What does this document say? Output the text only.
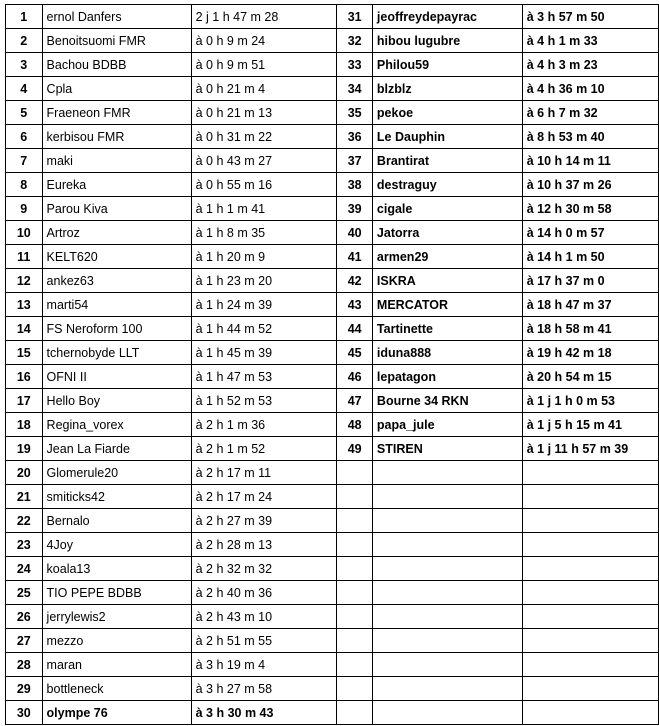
1	ernol Danfers	2 j 1 h 47 m 28
2	Benoitsuomi FMR	à 0 h 9 m 24
3	Bachou BDBB	à 0 h 9 m 51
4	Cpla	à 0 h 21 m 4
5	Fraeneon FMR	à 0 h 21 m 13
6	kerbisou FMR	à 0 h 31 m 22
7	maki	à 0 h 43 m 27
8	Eureka	à 0 h 55 m 16
9	Parou Kiva	à 1 h 1 m 41
10	Artroz	à 1 h 8 m 35
11	KELT620	à 1 h 20 m 9
12	ankez63	à 1 h 23 m 20
13	marti54	à 1 h 24 m 39
14	FS Neroform 100	à 1 h 44 m 52
15	tchernobyde LLT	à 1 h 45 m 39
16	OFNI II	à 1 h 47 m 53
17	Hello Boy	à 1 h 52 m 53
18	Regina_vorex	à 2 h 1 m 36
19	Jean La Fiarde	à 2 h 1 m 52
20	Glomerule20	à 2 h 17 m 11
21	smiticks42	à 2 h 17 m 24
22	Bernalo	à 2 h 27 m 39
23	4Joy	à 2 h 28 m 13
24	koala13	à 2 h 32 m 32
25	TIO PEPE BDBB	à 2 h 40 m 36
26	jerrylewis2	à 2 h 43 m 10
27	mezzo	à 2 h 51 m 55
28	maran	à 3 h 19 m 4
29	bottleneck	à 3 h 27 m 58
30	olympe 76	à 3 h 30 m 43
31	jeoffreydepayrac	à 3 h 57 m 50
32	hibou lugubre	à 4 h 1 m 33
33	Philou59	à 4 h 3 m 23
34	blzblz	à 4 h 36 m 10
35	pekoe	à 6 h 7 m 32
36	Le Dauphin	à 8 h 53 m 40
37	Brantirat	à 10 h 14 m 11
38	destraguy	à 10 h 37 m 26
39	cigale	à 12 h 30 m 58
40	Jatorra	à 14 h 0 m 57
41	armen29	à 14 h 1 m 50
42	ISKRA	à 17 h 37 m 0
43	MERCATOR	à 18 h 47 m 37
44	Tartinette	à 18 h 58 m 41
45	iduna888	à 19 h 42 m 18
46	lepatagon	à 20 h 54 m 15
47	Bourne 34 RKN	à 1 j 1 h 0 m 53
48	papa_jule	à 1 j 5 h 15 m 41
49	STIREN	à 1 j 11 h 57 m 39
